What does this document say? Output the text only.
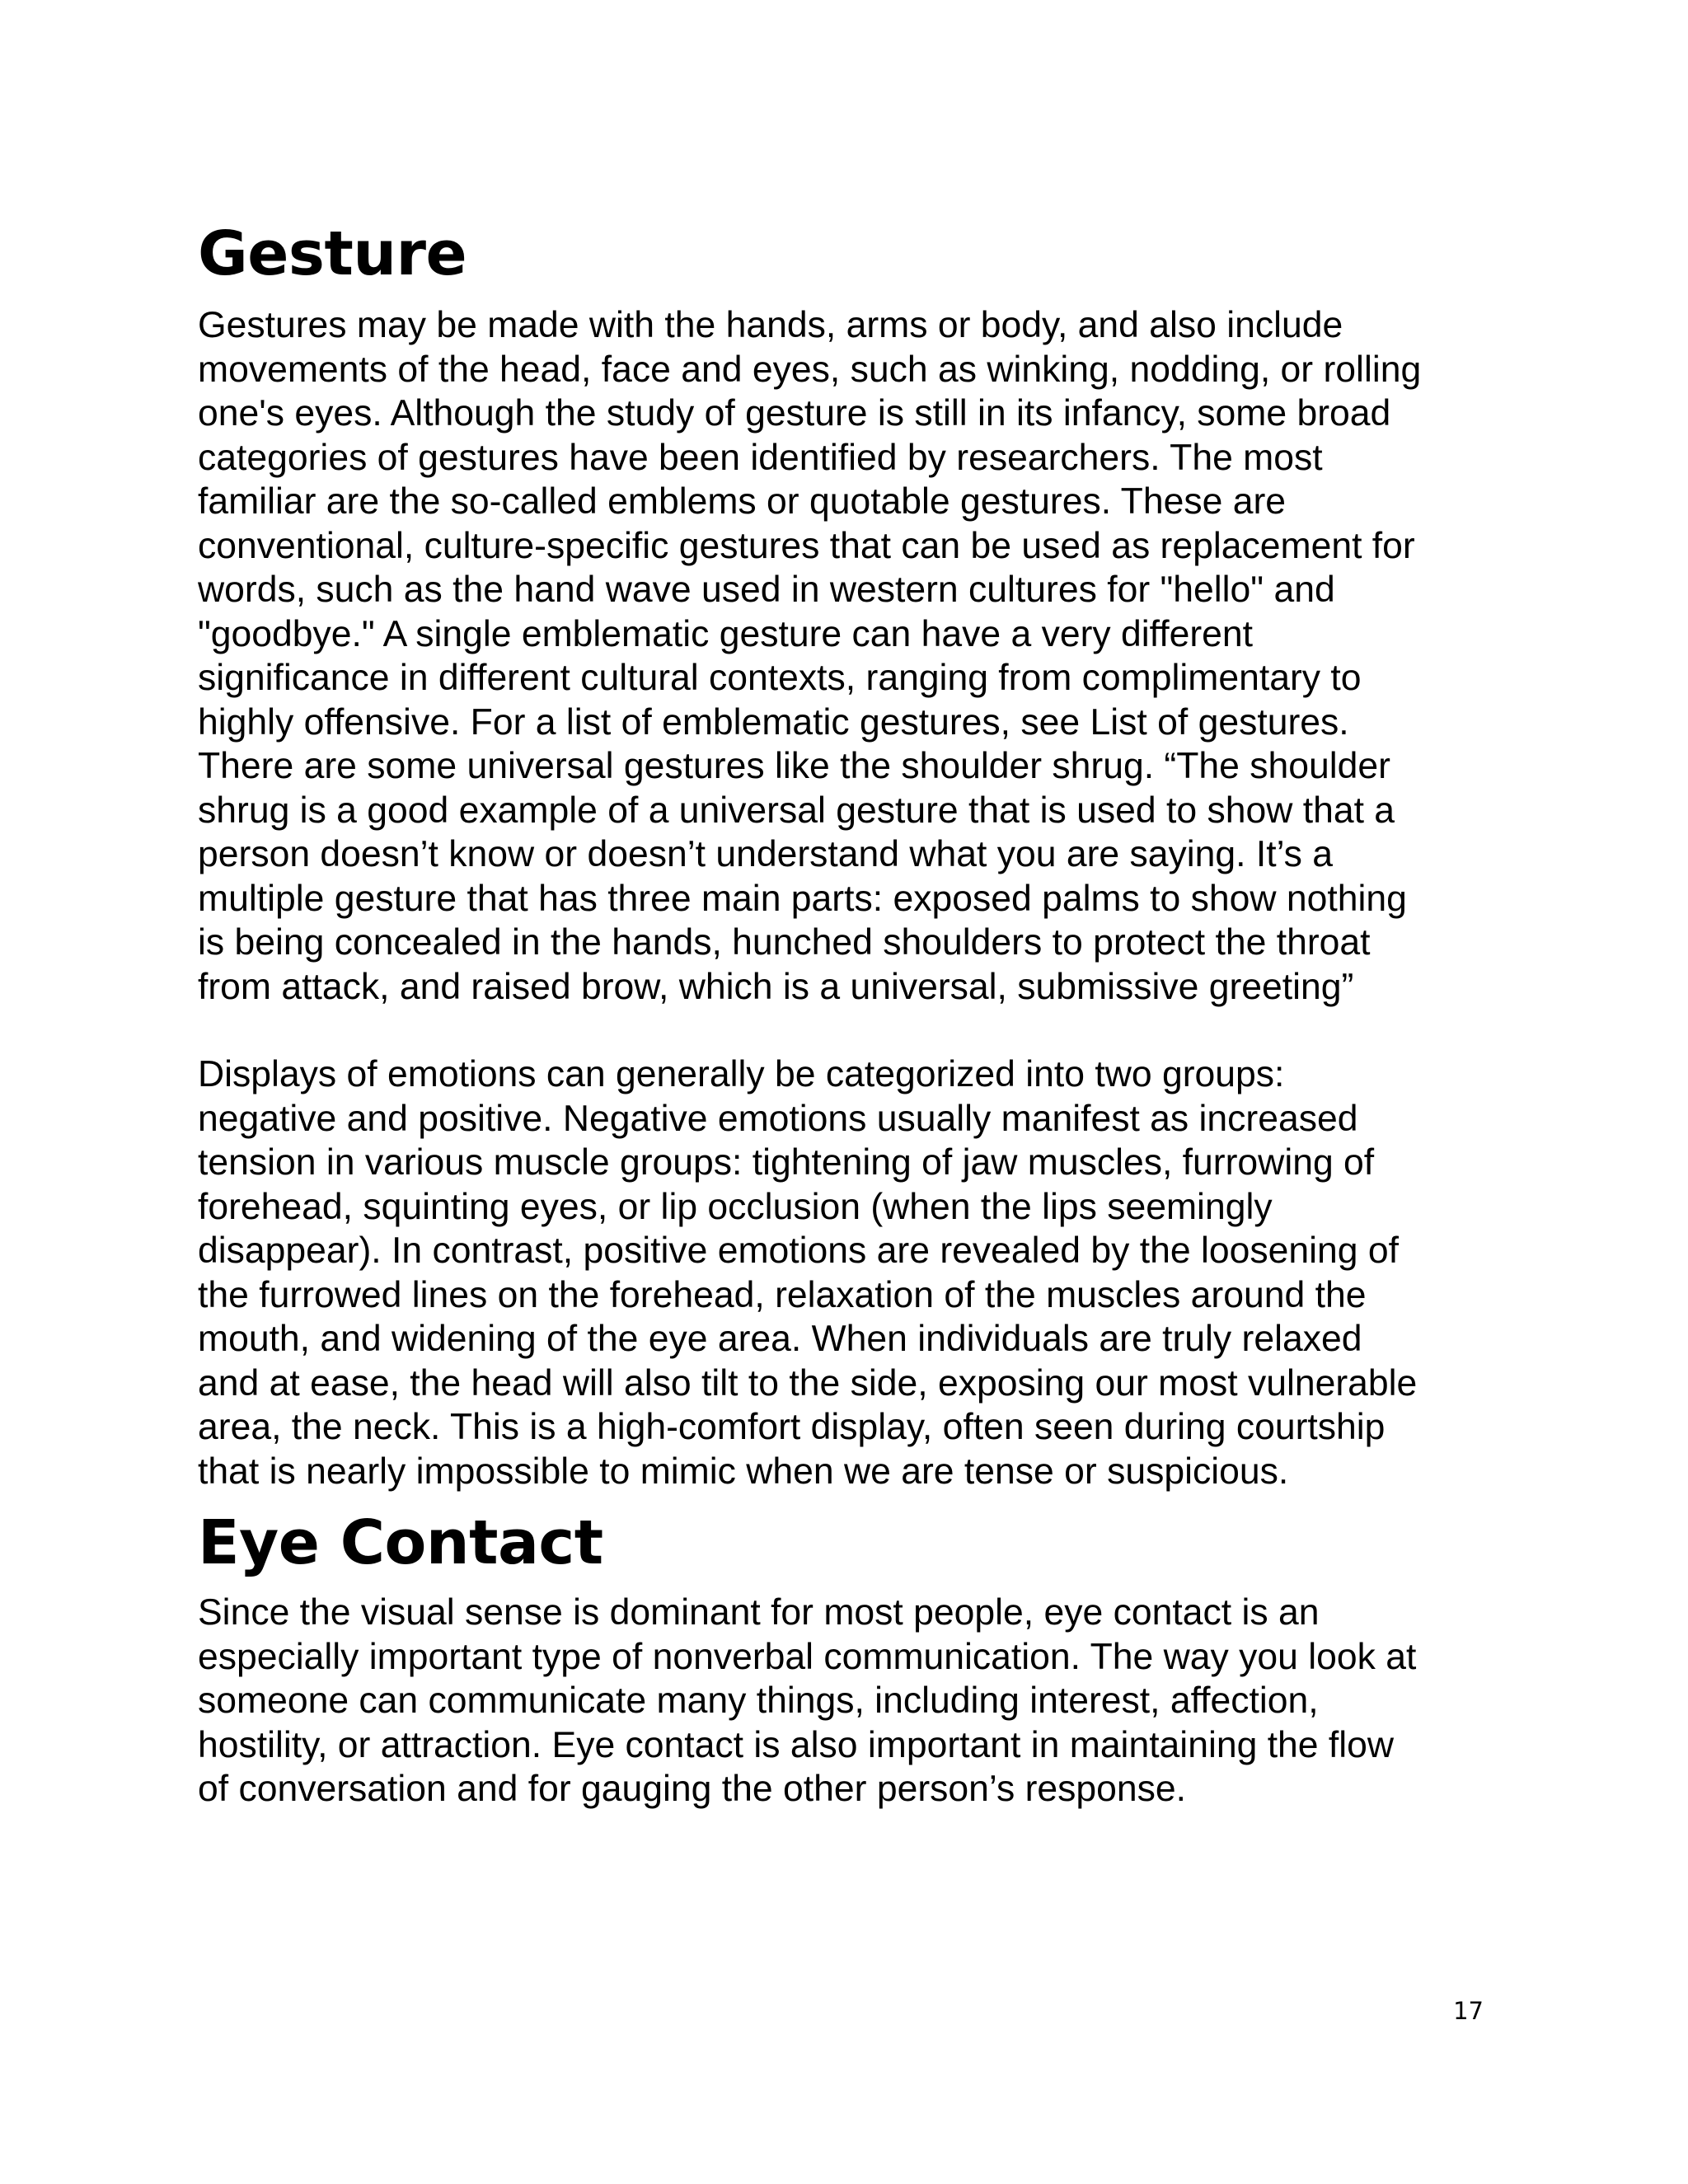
Gesture
Gestures may be made with the hands, arms or body, and also include
movements of the head, face and eyes, such as winking, nodding, or rolling
one's eyes. Although the study of gesture is still in its infancy, some broad
categories of gestures have been identified by researchers. The most
familiar are the so-called emblems or quotable gestures. These are
conventional, culture-specific gestures that can be used as replacement for
words, such as the hand wave used in western cultures for "hello" and
"goodbye." A single emblematic gesture can have a very different
significance in different cultural contexts, ranging from complimentary to
highly offensive. For a list of emblematic gestures, see List of gestures.
There are some universal gestures like the shoulder shrug. “The shoulder
shrug is a good example of a universal gesture that is used to show that a
person doesn’t know or doesn’t understand what you are saying. It’s a
multiple gesture that has three main parts: exposed palms to show nothing
is being concealed in the hands, hunched shoulders to protect the throat
from attack, and raised brow, which is a universal, submissive greeting”
Displays of emotions can generally be categorized into two groups:
negative and positive. Negative emotions usually manifest as increased
tension in various muscle groups: tightening of jaw muscles, furrowing of
forehead, squinting eyes, or lip occlusion (when the lips seemingly
disappear). In contrast, positive emotions are revealed by the loosening of
the furrowed lines on the forehead, relaxation of the muscles around the
mouth, and widening of the eye area. When individuals are truly relaxed
and at ease, the head will also tilt to the side, exposing our most vulnerable
area, the neck. This is a high-comfort display, often seen during courtship
that is nearly impossible to mimic when we are tense or suspicious.
Eye Contact
Since the visual sense is dominant for most people, eye contact is an
especially important type of nonverbal communication. The way you look at
someone can communicate many things, including interest, affection,
hostility, or attraction. Eye contact is also important in maintaining the flow
of conversation and for gauging the other person’s response.
17
